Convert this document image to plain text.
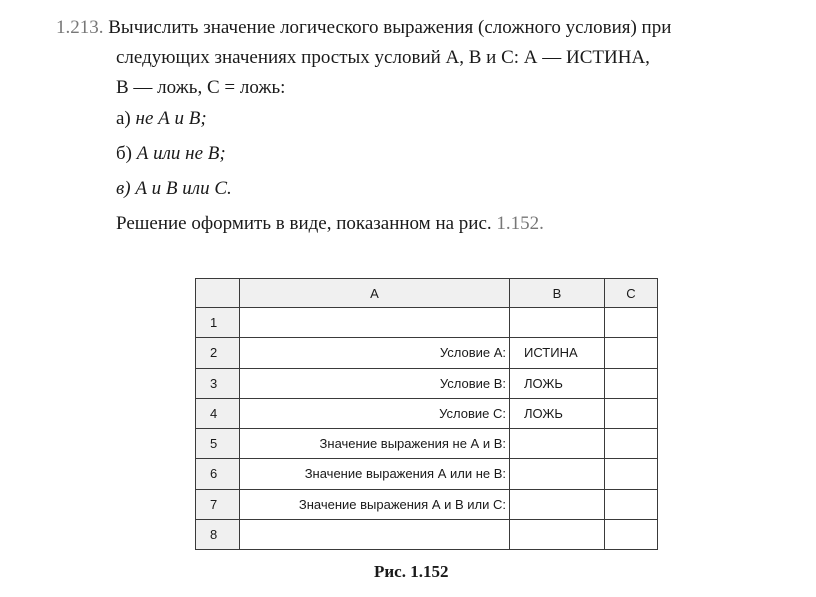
1.213. Вычислить значение логического выражения (сложного условия) при
следующих значениях простых условий А, В и С: А — ИСТИНА,
В — ложь, С = ложь:
а) не А и В;
б) А или не В;
в) А и В или С.
Решение оформить в виде, показанном на рис. 1.152.
	A	B	C
1			
2	Условие А:	ИСТИНА	
3	Условие В:	ЛОЖЬ	
4	Условие С:	ЛОЖЬ	
5	Значение выражения не А и В:		
6	Значение выражения А или не В:		
7	Значение выражения А и В или С:		
8			
Рис. 1.152
